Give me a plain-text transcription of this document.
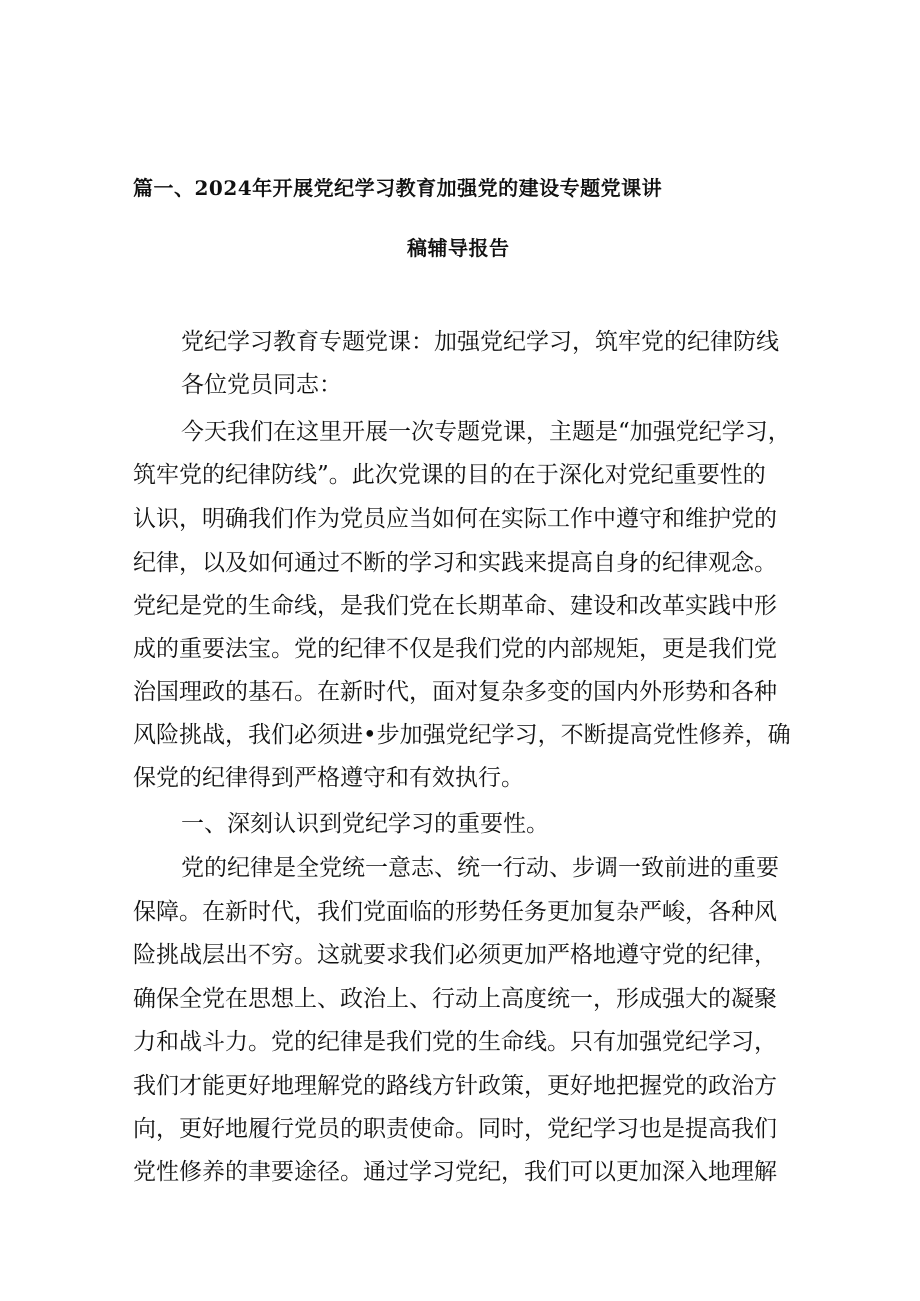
篇一、2024年开展党纪学习教育加强党的建设专题党课讲
稿辅导报告
党纪学习教育专题党课：加强党纪学习，筑牢党的纪律防线
各位党员同志：
今天我们在这里开展一次专题党课，主题是“加强党纪学习，
筑牢党的纪律防线”。此次党课的目的在于深化对党纪重要性的
认识，明确我们作为党员应当如何在实际工作中遵守和维护党的
纪律，以及如何通过不断的学习和实践来提高自身的纪律观念。
党纪是党的生命线，是我们党在长期革命、建设和改革实践中形
成的重要法宝。党的纪律不仅是我们党的内部规矩，更是我们党
治国理政的基石。在新时代，面对复杂多变的国内外形势和各种
风险挑战，我们必须进•步加强党纪学习，不断提高党性修养，确
保党的纪律得到严格遵守和有效执行。
一、深刻认识到党纪学习的重要性。
党的纪律是全党统一意志、统一行动、步调一致前进的重要
保障。在新时代，我们党面临的形势任务更加复杂严峻，各种风
险挑战层出不穷。这就要求我们必须更加严格地遵守党的纪律，
确保全党在思想上、政治上、行动上高度统一，形成强大的凝聚
力和战斗力。党的纪律是我们党的生命线。只有加强党纪学习，
我们才能更好地理解党的路线方针政策，更好地把握党的政治方
向，更好地履行党员的职责使命。同时，党纪学习也是提高我们
党性修养的聿要途径。通过学习党纪，我们可以更加深入地理解
